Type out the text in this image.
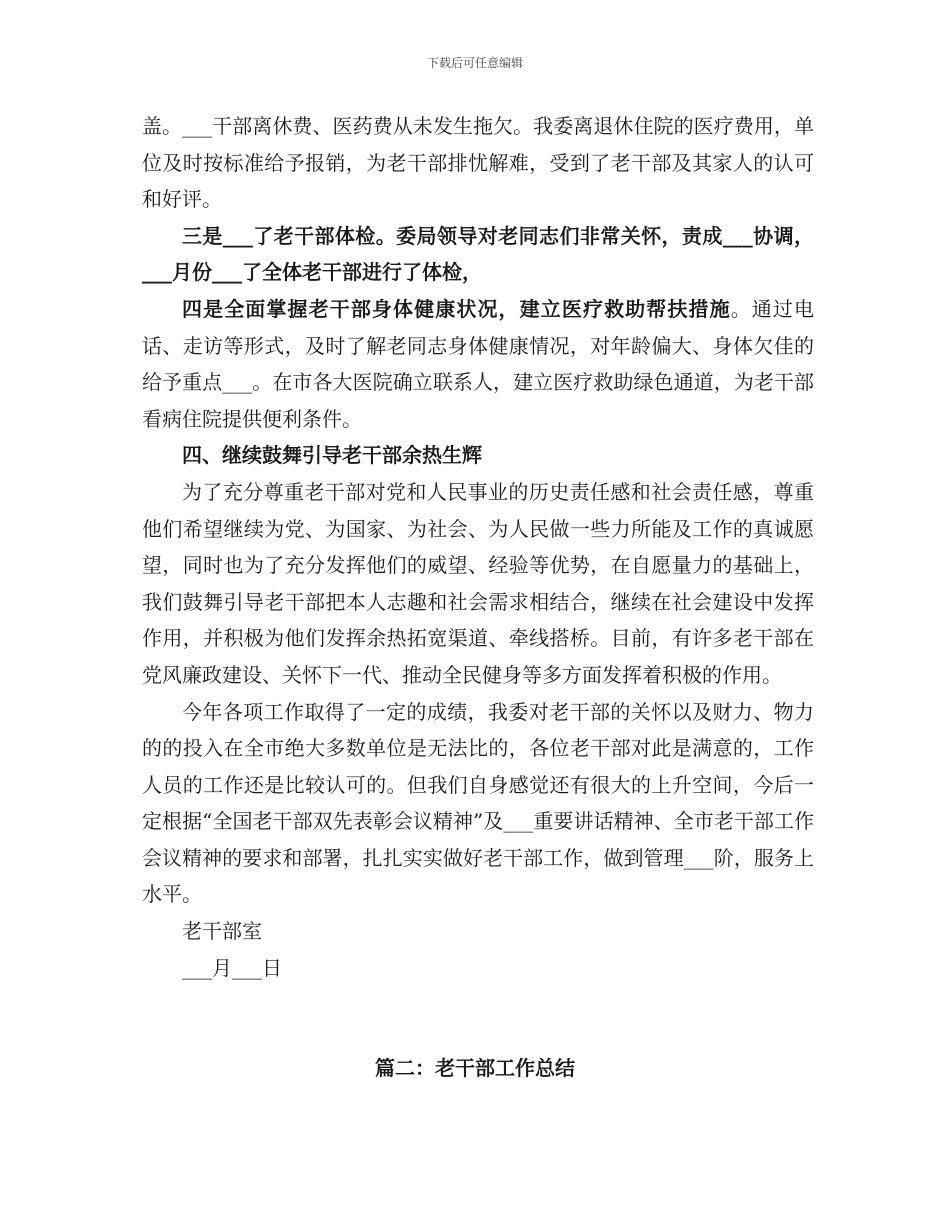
下载后可任意编辑

盖。___干部离休费、医药费从未发生拖欠。我委离退休住院的医疗费用，单位及时按标准给予报销，为老干部排忧解难，受到了老干部及其家人的认可和好评。

三是___了老干部体检。委局领导对老同志们非常关怀，责成___协调，___月份___了全体老干部进行了体检，

四是全面掌握老干部身体健康状况，建立医疗救助帮扶措施。通过电话、走访等形式，及时了解老同志身体健康情况，对年龄偏大、身体欠佳的给予重点___。在市各大医院确立联系人，建立医疗救助绿色通道，为老干部看病住院提供便利条件。

四、继续鼓舞引导老干部余热生辉

为了充分尊重老干部对党和人民事业的历史责任感和社会责任感，尊重他们希望继续为党、为国家、为社会、为人民做一些力所能及工作的真诚愿望，同时也为了充分发挥他们的威望、经验等优势，在自愿量力的基础上，我们鼓舞引导老干部把本人志趣和社会需求相结合，继续在社会建设中发挥作用，并积极为他们发挥余热拓宽渠道、牵线搭桥。目前，有许多老干部在党风廉政建设、关怀下一代、推动全民健身等多方面发挥着积极的作用。

今年各项工作取得了一定的成绩，我委对老干部的关怀以及财力、物力的的投入在全市绝大多数单位是无法比的，各位老干部对此是满意的，工作人员的工作还是比较认可的。但我们自身感觉还有很大的上升空间，今后一定根据“全国老干部双先表彰会议精神”及___重要讲话精神、全市老干部工作会议精神的要求和部署，扎扎实实做好老干部工作，做到管理___阶，服务上水平。

老干部室

___月___日

篇二：老干部工作总结
